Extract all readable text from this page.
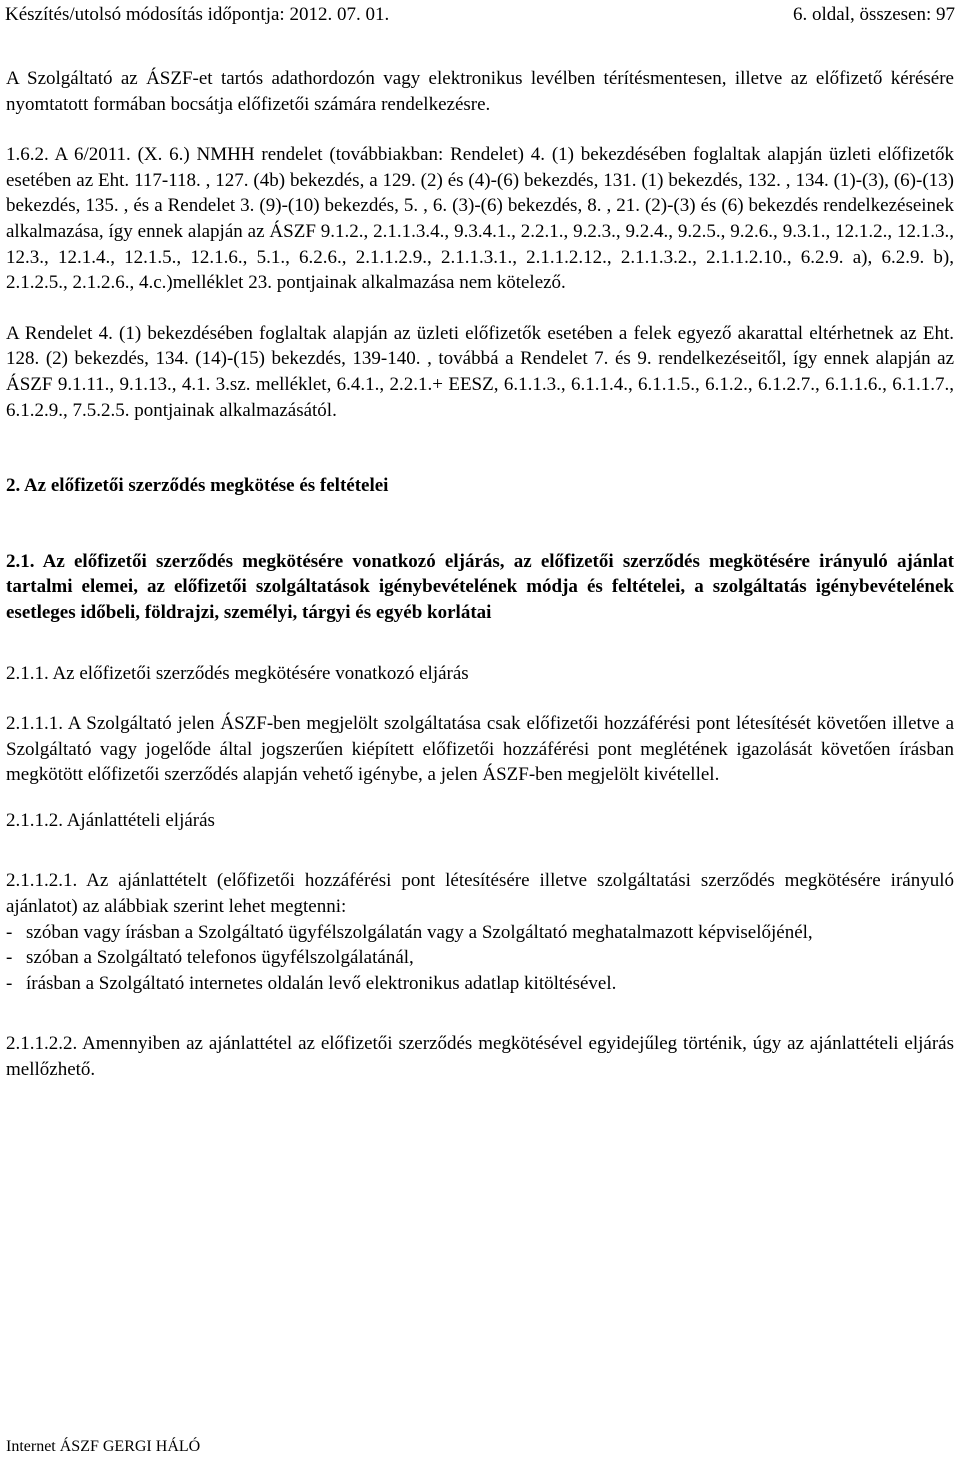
Készítés/utolsó módosítás időpontja: 2012. 07. 01.	6. oldal, összesen: 97

A Szolgáltató az ÁSZF-et tartós adathordozón vagy elektronikus levélben térítésmentesen, illetve az előfizető kérésére nyomtatott formában bocsátja előfizetői számára rendelkezésre.

1.6.2. A 6/2011. (X. 6.) NMHH rendelet (továbbiakban: Rendelet) 4. (1) bekezdésében foglaltak alapján üzleti előfizetők esetében az Eht. 117-118. , 127. (4b) bekezdés, a 129. (2) és (4)-(6) bekezdés, 131. (1) bekezdés, 132. , 134. (1)-(3), (6)-(13) bekezdés, 135. , és a Rendelet 3. (9)-(10) bekezdés, 5. , 6. (3)-(6) bekezdés, 8. , 21. (2)-(3) és (6) bekezdés rendelkezéseinek alkalmazása, így ennek alapján az ÁSZF 9.1.2., 2.1.1.3.4., 9.3.4.1., 2.2.1., 9.2.3., 9.2.4., 9.2.5., 9.2.6., 9.3.1., 12.1.2., 12.1.3., 12.3., 12.1.4., 12.1.5., 12.1.6., 5.1., 6.2.6., 2.1.1.2.9., 2.1.1.3.1., 2.1.1.2.12., 2.1.1.3.2., 2.1.1.2.10., 6.2.9. a), 6.2.9. b), 2.1.2.5., 2.1.2.6., 4.c.)melléklet 23. pontjainak alkalmazása nem kötelező.

A Rendelet 4. (1) bekezdésében foglaltak alapján az üzleti előfizetők esetében a felek egyező akarattal eltérhetnek az Eht. 128. (2) bekezdés, 134. (14)-(15) bekezdés, 139-140. , továbbá a Rendelet 7. és 9. rendelkezéseitől, így ennek alapján az ÁSZF 9.1.11., 9.1.13., 4.1. 3.sz. melléklet, 6.4.1., 2.2.1.+ EESZ, 6.1.1.3., 6.1.1.4., 6.1.1.5., 6.1.2., 6.1.2.7., 6.1.1.6., 6.1.1.7., 6.1.2.9., 7.5.2.5. pontjainak alkalmazásától.

2. Az előfizetői szerződés megkötése és feltételei

2.1. Az előfizetői szerződés megkötésére vonatkozó eljárás, az előfizetői szerződés megkötésére irányuló ajánlat tartalmi elemei, az előfizetői szolgáltatások igénybevételének módja és feltételei, a szolgáltatás igénybevételének esetleges időbeli, földrajzi, személyi, tárgyi és egyéb korlátai

2.1.1. Az előfizetői szerződés megkötésére vonatkozó eljárás

2.1.1.1. A Szolgáltató jelen ÁSZF-ben megjelölt szolgáltatása csak előfizetői hozzáférési pont létesítését követően illetve a Szolgáltató vagy jogelőde által jogszerűen kiépített előfizetői hozzáférési pont meglétének igazolását követően írásban megkötött előfizetői szerződés alapján vehető igénybe, a jelen ÁSZF-ben megjelölt kivétellel.

2.1.1.2. Ajánlattételi eljárás

2.1.1.2.1. Az ajánlattételt (előfizetői hozzáférési pont létesítésére illetve szolgáltatási szerződés megkötésére irányuló ajánlatot) az alábbiak szerint lehet megtenni:

- szóban vagy írásban a Szolgáltató ügyfélszolgálatán vagy a Szolgáltató meghatalmazott képviselőjénél,
- szóban a Szolgáltató telefonos ügyfélszolgálatánál,
- írásban a Szolgáltató internetes oldalán levő elektronikus adatlap kitöltésével.

2.1.1.2.2. Amennyiben az ajánlattétel az előfizetői szerződés megkötésével egyidejűleg történik, úgy az ajánlattételi eljárás mellőzhető.

Internet ÁSZF GERGI HÁLÓ
